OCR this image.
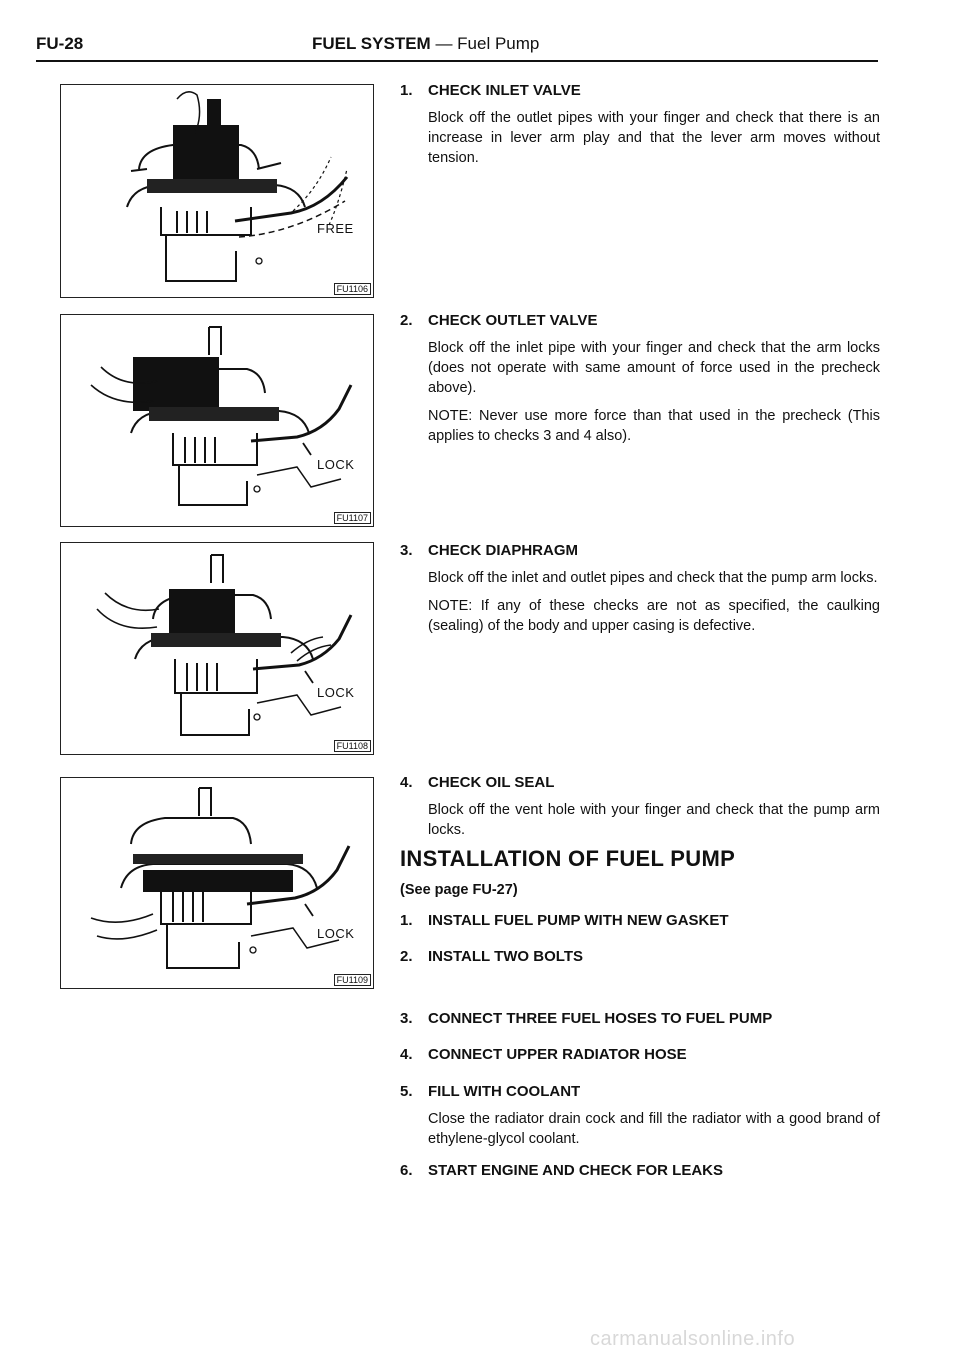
FU-28	FUEL SYSTEM — Fuel Pump
FREE
FU1106
LOCK
FU1107
LOCK
FU1108
LOCK
FU1109
1. CHECK INLET VALVE
Block off the outlet pipes with your finger and check that there is an increase in lever arm play and that the lever arm moves without tension.
2. CHECK OUTLET VALVE
Block off the inlet pipe with your finger and check that the arm locks (does not operate with same amount of force used in the precheck above).
NOTE: Never use more force than that used in the precheck (This applies to checks 3 and 4 also).
3. CHECK DIAPHRAGM
Block off the inlet and outlet pipes and check that the pump arm locks.
NOTE: If any of these checks are not as specified, the caulking (sealing) of the body and upper casing is defective.
4. CHECK OIL SEAL
Block off the vent hole with your finger and check that the pump arm locks.
INSTALLATION OF FUEL PUMP
(See page FU-27)
1. INSTALL FUEL PUMP WITH NEW GASKET
2. INSTALL TWO BOLTS
3. CONNECT THREE FUEL HOSES TO FUEL PUMP
4. CONNECT UPPER RADIATOR HOSE
5. FILL WITH COOLANT
Close the radiator drain cock and fill the radiator with a good brand of ethylene-glycol coolant.
6. START ENGINE AND CHECK FOR LEAKS
carmanualsonline.info
